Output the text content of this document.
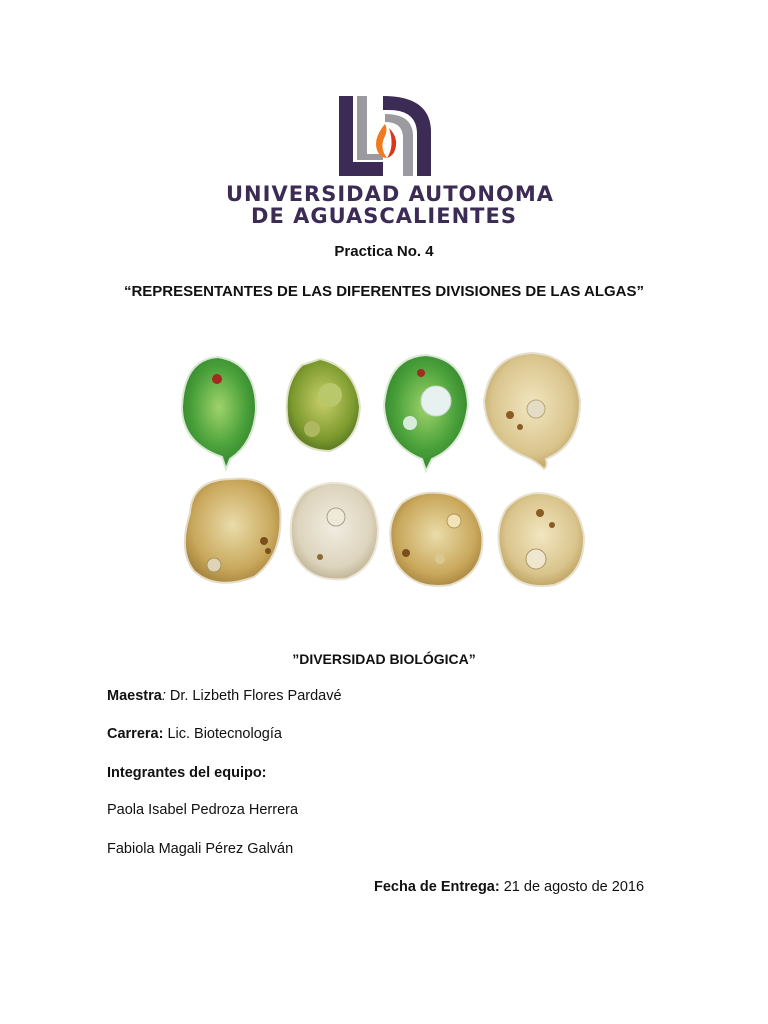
UNIVERSIDAD AUTONOMA
DE AGUASCALIENTES
Practica No. 4
“REPRESENTANTES DE LAS DIFERENTES DIVISIONES DE LAS ALGAS”
”DIVERSIDAD BIOLÓGICA”
Maestra: Dr. Lizbeth Flores Pardavé
Carrera: Lic. Biotecnología
Integrantes del equipo:
Paola Isabel Pedroza Herrera
Fabiola Magali Pérez Galván
Fecha de Entrega: 21 de agosto de 2016
